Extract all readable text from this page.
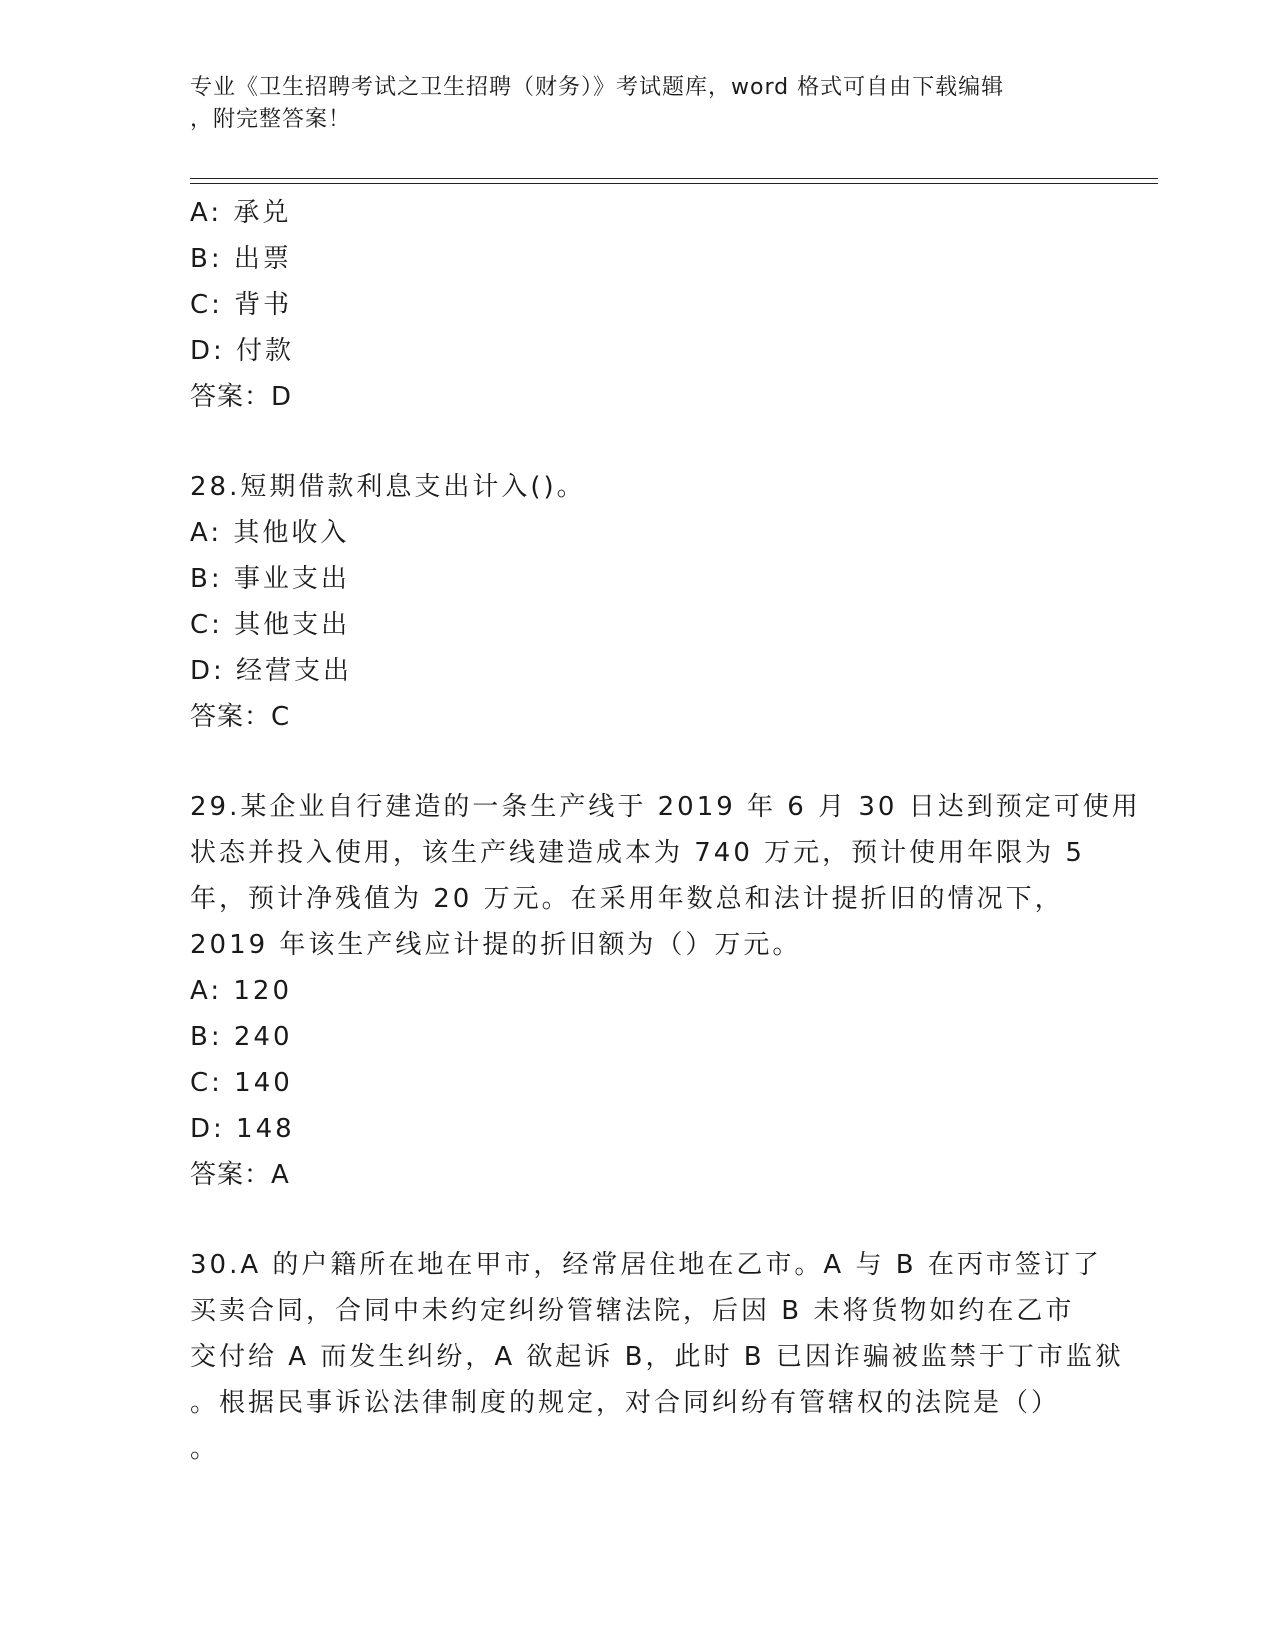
专业《卫生招聘考试之卫生招聘（财务）》考试题库，word 格式可自由下载编辑
，附完整答案！
A: 承兑
B: 出票
C: 背书
D: 付款
答案：D
28.短期借款利息支出计入()。
A: 其他收入
B: 事业支出
C: 其他支出
D: 经营支出
答案：C
29.某企业自行建造的一条生产线于 2019 年 6 月 30 日达到预定可使用
状态并投入使用，该生产线建造成本为 740 万元，预计使用年限为 5
年，预计净残值为 20 万元。在采用年数总和法计提折旧的情况下，
2019 年该生产线应计提的折旧额为（）万元。
A: 120
B: 240
C: 140
D: 148
答案：A
30.A 的户籍所在地在甲市，经常居住地在乙市。A 与 B 在丙市签订了
买卖合同，合同中未约定纠纷管辖法院，后因 B 未将货物如约在乙市
交付给 A 而发生纠纷，A 欲起诉 B，此时 B 已因诈骗被监禁于丁市监狱
。根据民事诉讼法律制度的规定，对合同纠纷有管辖权的法院是（）
。
